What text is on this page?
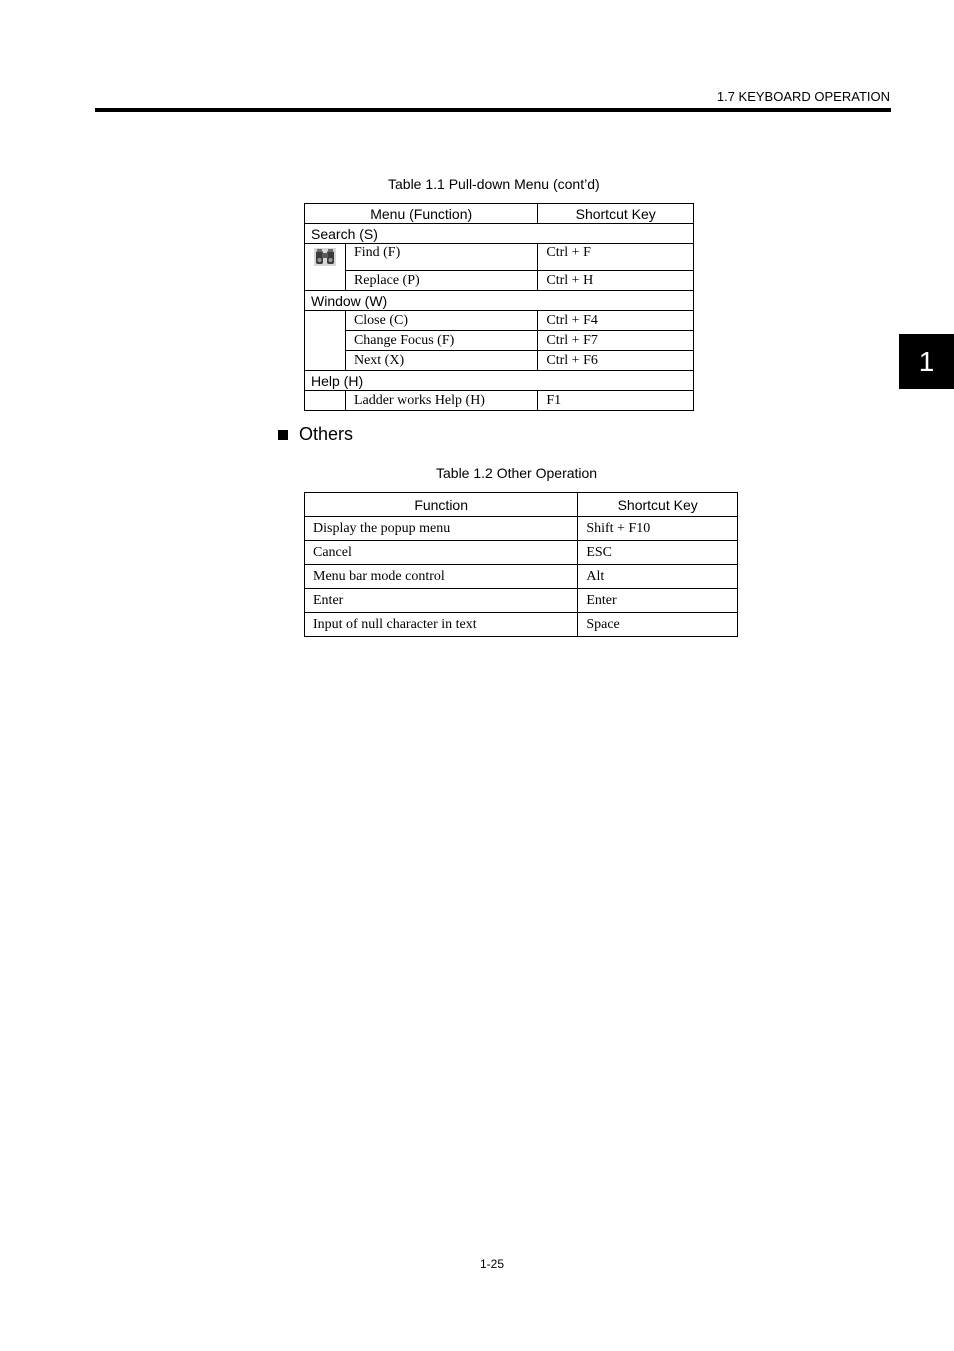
1.7 KEYBOARD OPERATION
1
Table 1.1 Pull-down Menu (cont’d)
Menu (Function)		Shortcut Key
Search (S)		

	Find (F)	Ctrl + F
	Replace (P)	Ctrl + H
Window (W)		
	Close (C)	Ctrl + F4
	Change Focus (F)	Ctrl + F7
	Next (X)	Ctrl + F6
Help (H)		
	Ladder works Help (H)	F1
Others
Table 1.2 Other Operation
Function	Shortcut Key
Display the popup menu	Shift + F10
Cancel	ESC
Menu bar mode control	Alt
Enter	Enter
Input of null character in text	Space
1-25
